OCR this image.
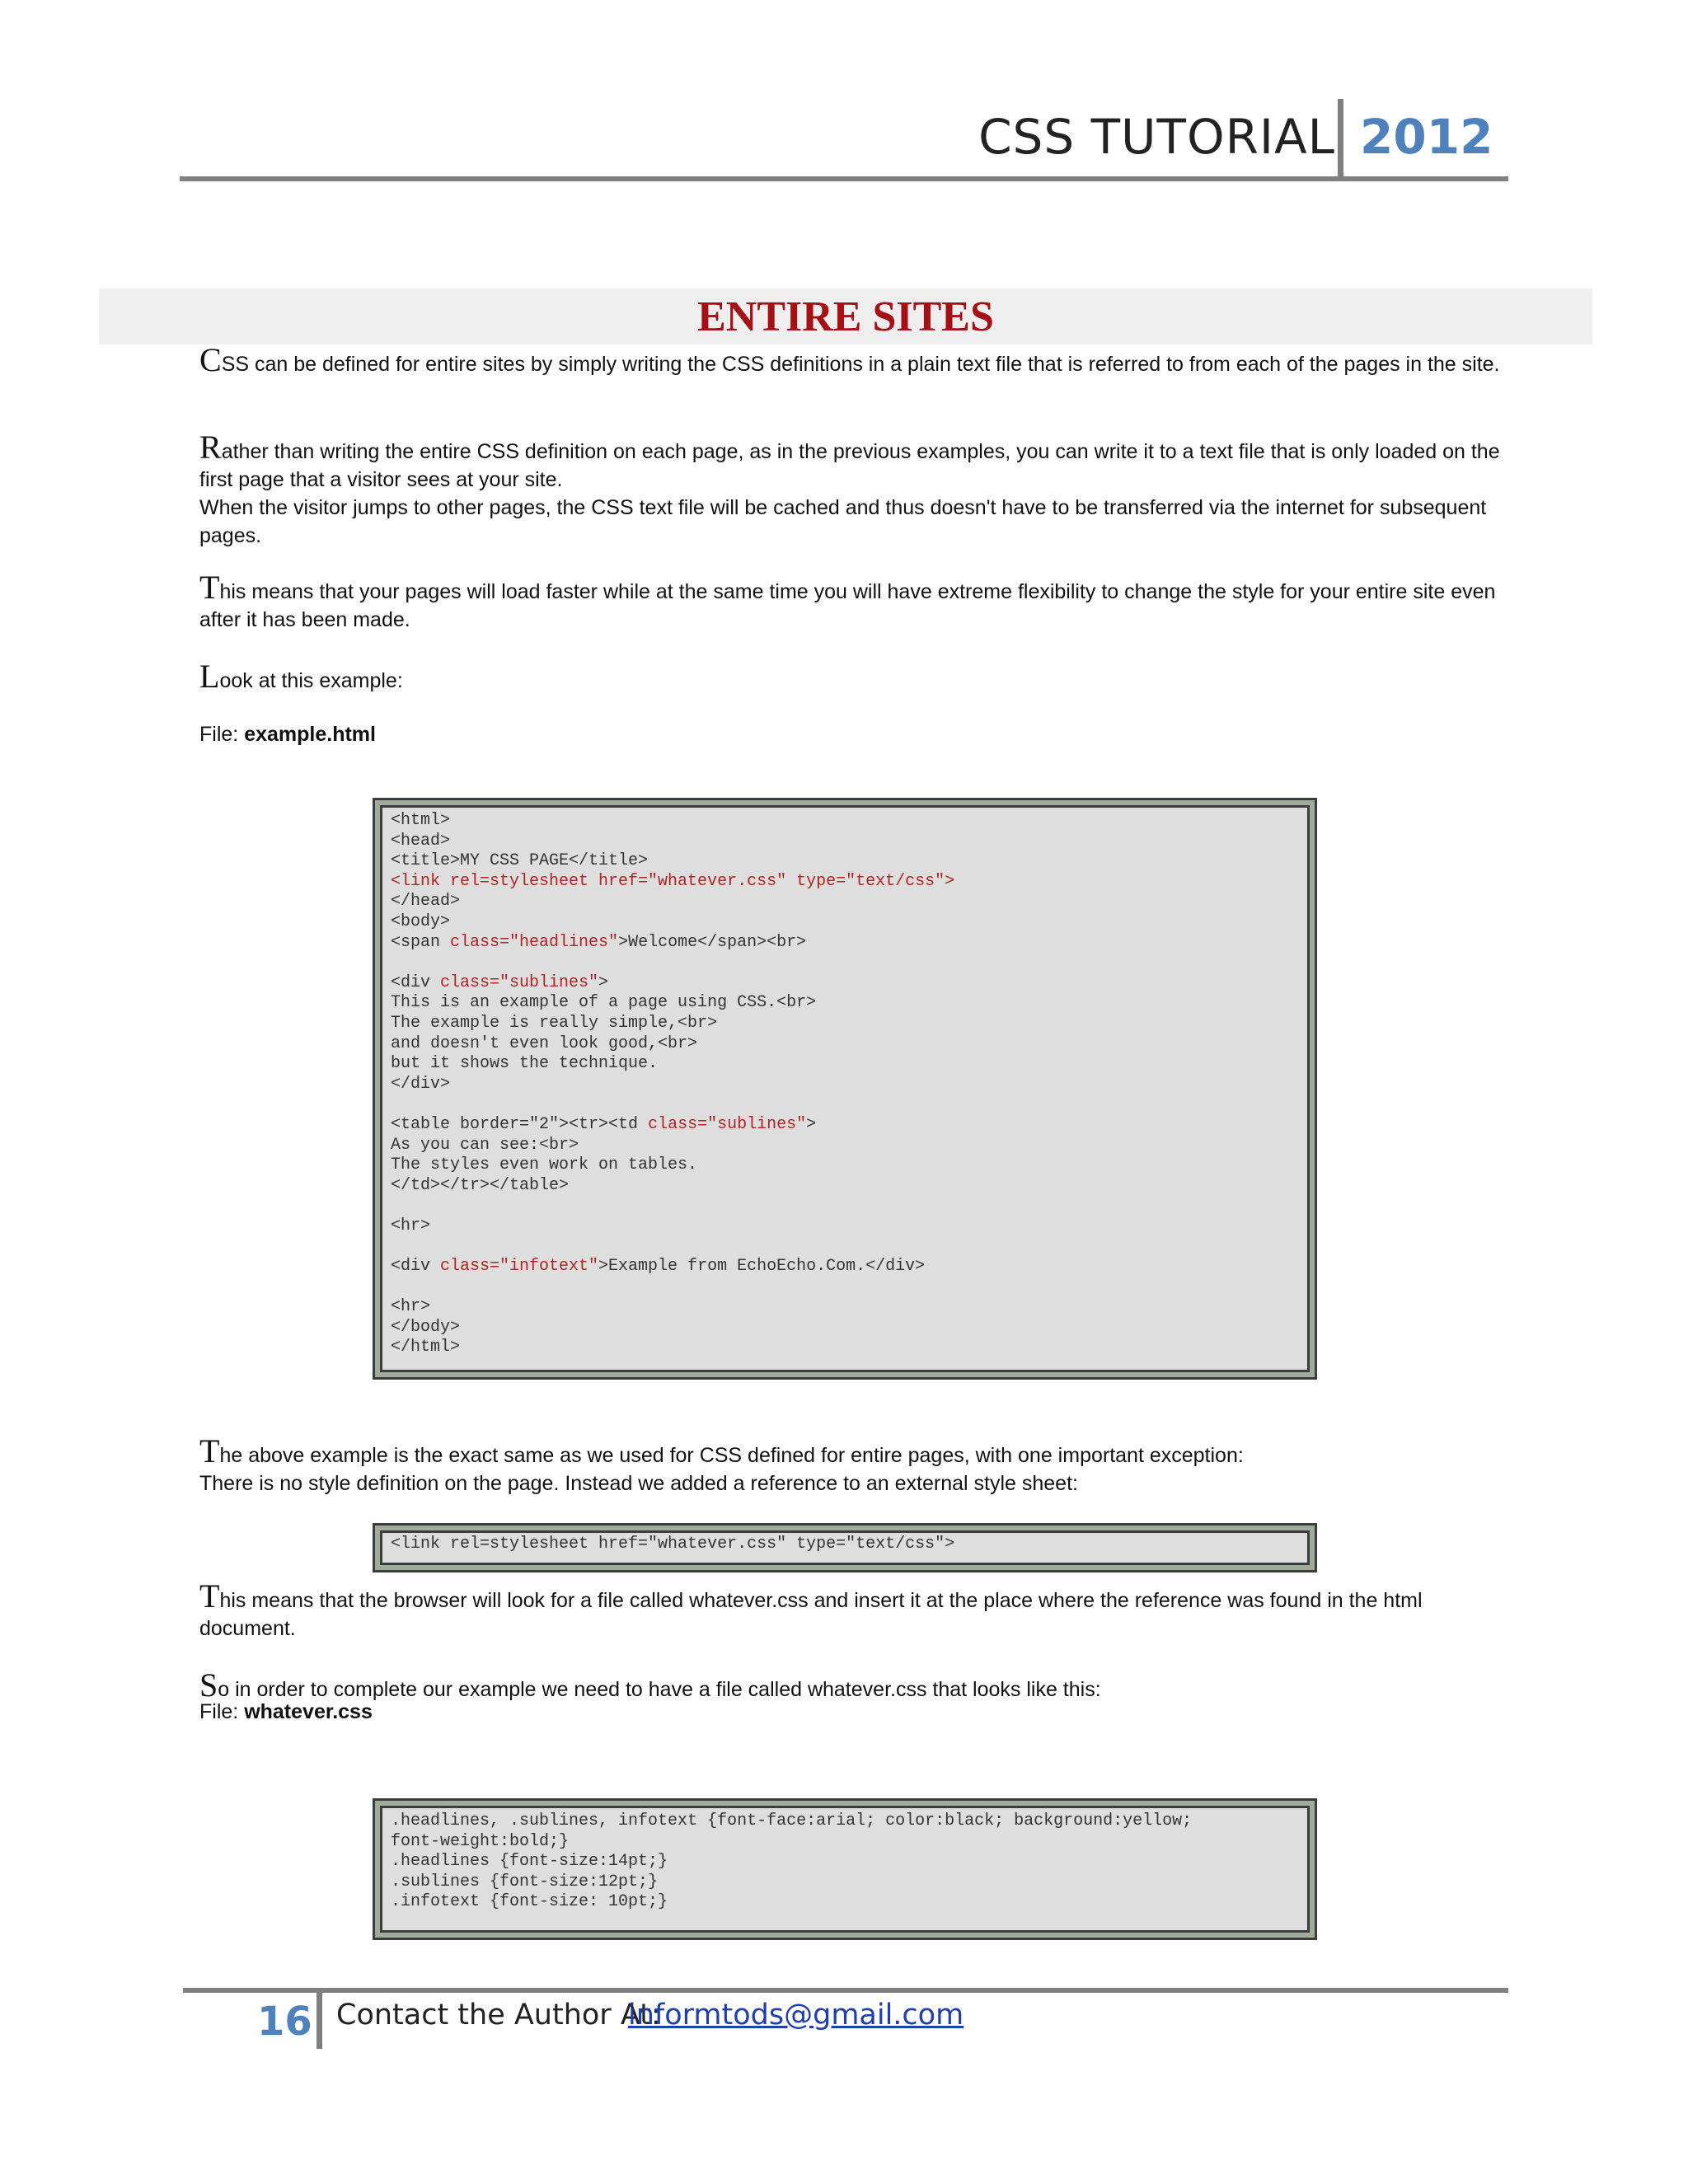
CSS TUTORIAL 2012
ENTIRE SITES

CSS can be defined for entire sites by simply writing the CSS definitions in a plain text file that is referred to from each of the pages in the site.

Rather than writing the entire CSS definition on each page, as in the previous examples, you can write it to a text file that is only loaded on the first page that a visitor sees at your site.
When the visitor jumps to other pages, the CSS text file will be cached and thus doesn't have to be transferred via the internet for subsequent pages.

This means that your pages will load faster while at the same time you will have extreme flexibility to change the style for your entire site even after it has been made.

Look at this example:

File: example.html
<html>
<head>
<title>MY CSS PAGE</title>
<link rel=stylesheet href="whatever.css" type="text/css">
</head>
<body>
<span class="headlines">Welcome</span><br>

<div class="sublines">
This is an example of a page using CSS.<br>
The example is really simple,<br>
and doesn't even look good,<br>
but it shows the technique.
</div>

<table border="2"><tr><td class="sublines">
As you can see:<br>
The styles even work on tables.
</td></tr></table>

<hr>

<div class="infotext">Example from EchoEcho.Com.</div>

<hr>
</body>
</html>

The above example is the exact same as we used for CSS defined for entire pages, with one important exception:
There is no style definition on the page. Instead we added a reference to an external style sheet:

<link rel=stylesheet href="whatever.css" type="text/css">

This means that the browser will look for a file called whatever.css and insert it at the place where the reference was found in the html document.

So in order to complete our example we need to have a file called whatever.css that looks like this:

File: whatever.css
.headlines, .sublines, infotext {font-face:arial; color:black; background:yellow;
font-weight:bold;}
.headlines {font-size:14pt;}
.sublines {font-size:12pt;}
.infotext {font-size: 10pt;}
16 Contact the Author At:
informtods@gmail.com
